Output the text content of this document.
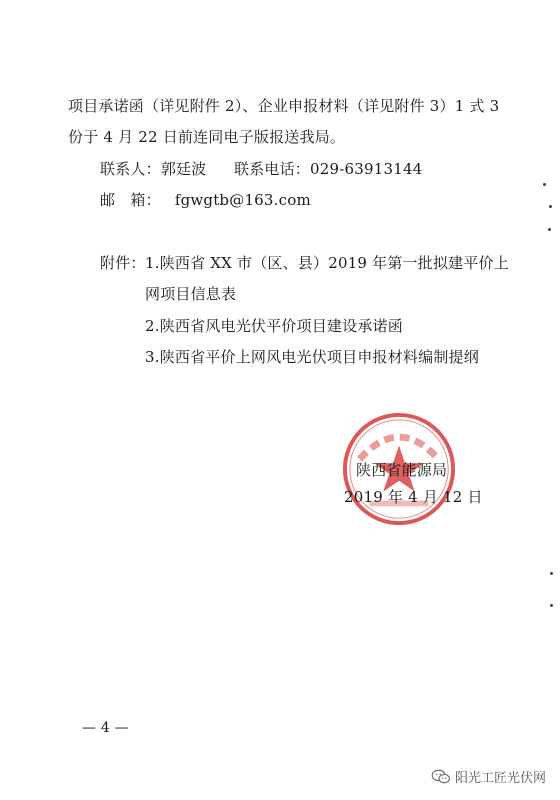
项目承诺函（详见附件 2）、企业申报材料（详见附件 3）1 式 3
份于 4 月 22 日前连同电子版报送我局。
联系人：郭廷波 联系电话：029-63913144
邮　箱： fgwgtb@163.com
附件： 1.陕西省 XX 市（区、县）2019 年第一批拟建平价上
网项目信息表
2.陕西省风电光伏平价项目建设承诺函
3.陕西省平价上网风电光伏项目申报材料编制提纲
陕西省能源局
2019 年 4 月 12 日
— 4 —
阳光工匠光伏网
